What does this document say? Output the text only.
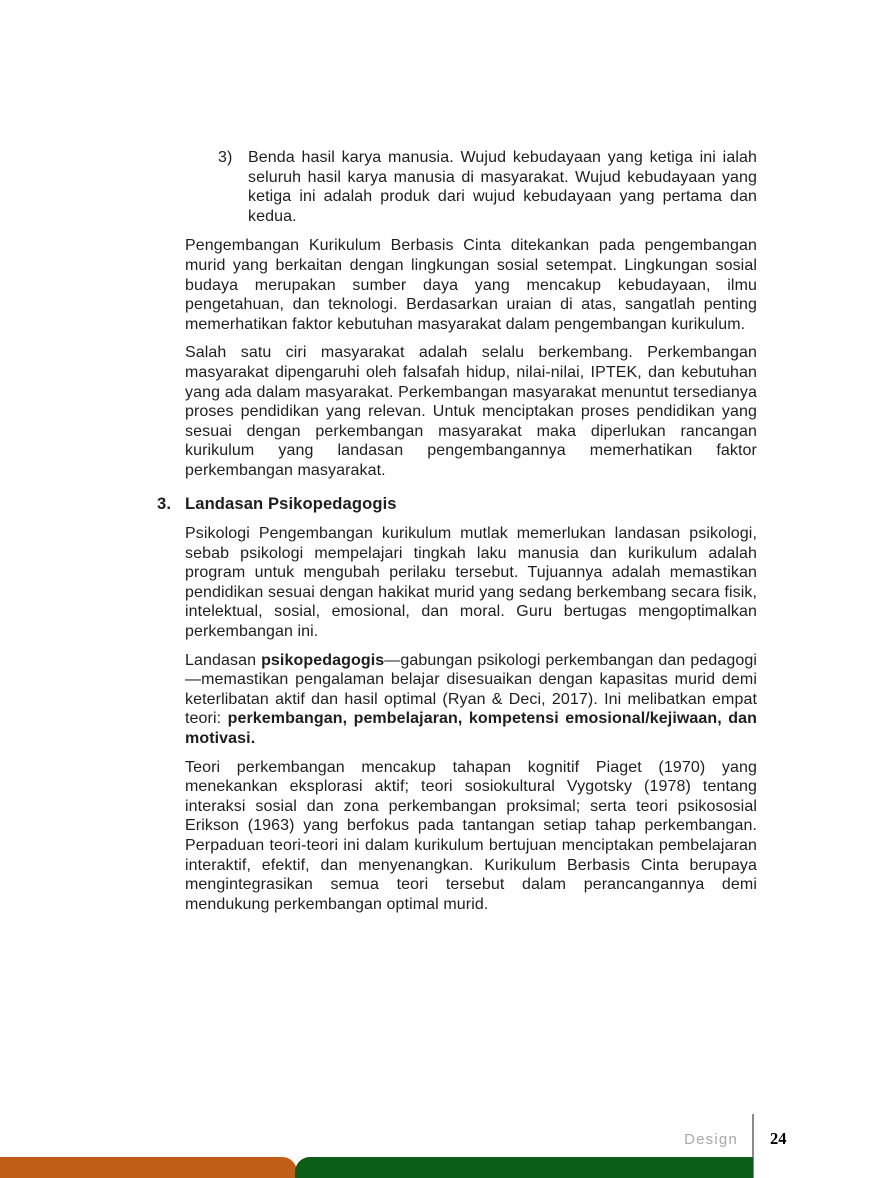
3) Benda hasil karya manusia. Wujud kebudayaan yang ketiga ini ialah seluruh hasil karya manusia di masyarakat. Wujud kebudayaan yang ketiga ini adalah produk dari wujud kebudayaan yang pertama dan kedua.

Pengembangan Kurikulum Berbasis Cinta ditekankan pada pengembangan murid yang berkaitan dengan lingkungan sosial setempat. Lingkungan sosial budaya merupakan sumber daya yang mencakup kebudayaan, ilmu pengetahuan, dan teknologi. Berdasarkan uraian di atas, sangatlah penting memerhatikan faktor kebutuhan masyarakat dalam pengembangan kurikulum.

Salah satu ciri masyarakat adalah selalu berkembang. Perkembangan masyarakat dipengaruhi oleh falsafah hidup, nilai-nilai, IPTEK, dan kebutuhan yang ada dalam masyarakat. Perkembangan masyarakat menuntut tersedianya proses pendidikan yang relevan. Untuk menciptakan proses pendidikan yang sesuai dengan perkembangan masyarakat maka diperlukan rancangan kurikulum yang landasan pengembangannya memerhatikan faktor perkembangan masyarakat.

3. Landasan Psikopedagogis

Psikologi Pengembangan kurikulum mutlak memerlukan landasan psikologi, sebab psikologi mempelajari tingkah laku manusia dan kurikulum adalah program untuk mengubah perilaku tersebut. Tujuannya adalah memastikan pendidikan sesuai dengan hakikat murid yang sedang berkembang secara fisik, intelektual, sosial, emosional, dan moral. Guru bertugas mengoptimalkan perkembangan ini.

Landasan psikopedagogis—gabungan psikologi perkembangan dan pedagogi—memastikan pengalaman belajar disesuaikan dengan kapasitas murid demi keterlibatan aktif dan hasil optimal (Ryan & Deci, 2017). Ini melibatkan empat teori: perkembangan, pembelajaran, kompetensi emosional/kejiwaan, dan motivasi.

Teori perkembangan mencakup tahapan kognitif Piaget (1970) yang menekankan eksplorasi aktif; teori sosiokultural Vygotsky (1978) tentang interaksi sosial dan zona perkembangan proksimal; serta teori psikososial Erikson (1963) yang berfokus pada tantangan setiap tahap perkembangan. Perpaduan teori-teori ini dalam kurikulum bertujuan menciptakan pembelajaran interaktif, efektif, dan menyenangkan. Kurikulum Berbasis Cinta berupaya mengintegrasikan semua teori tersebut dalam perancangannya demi mendukung perkembangan optimal murid.

Design 24
